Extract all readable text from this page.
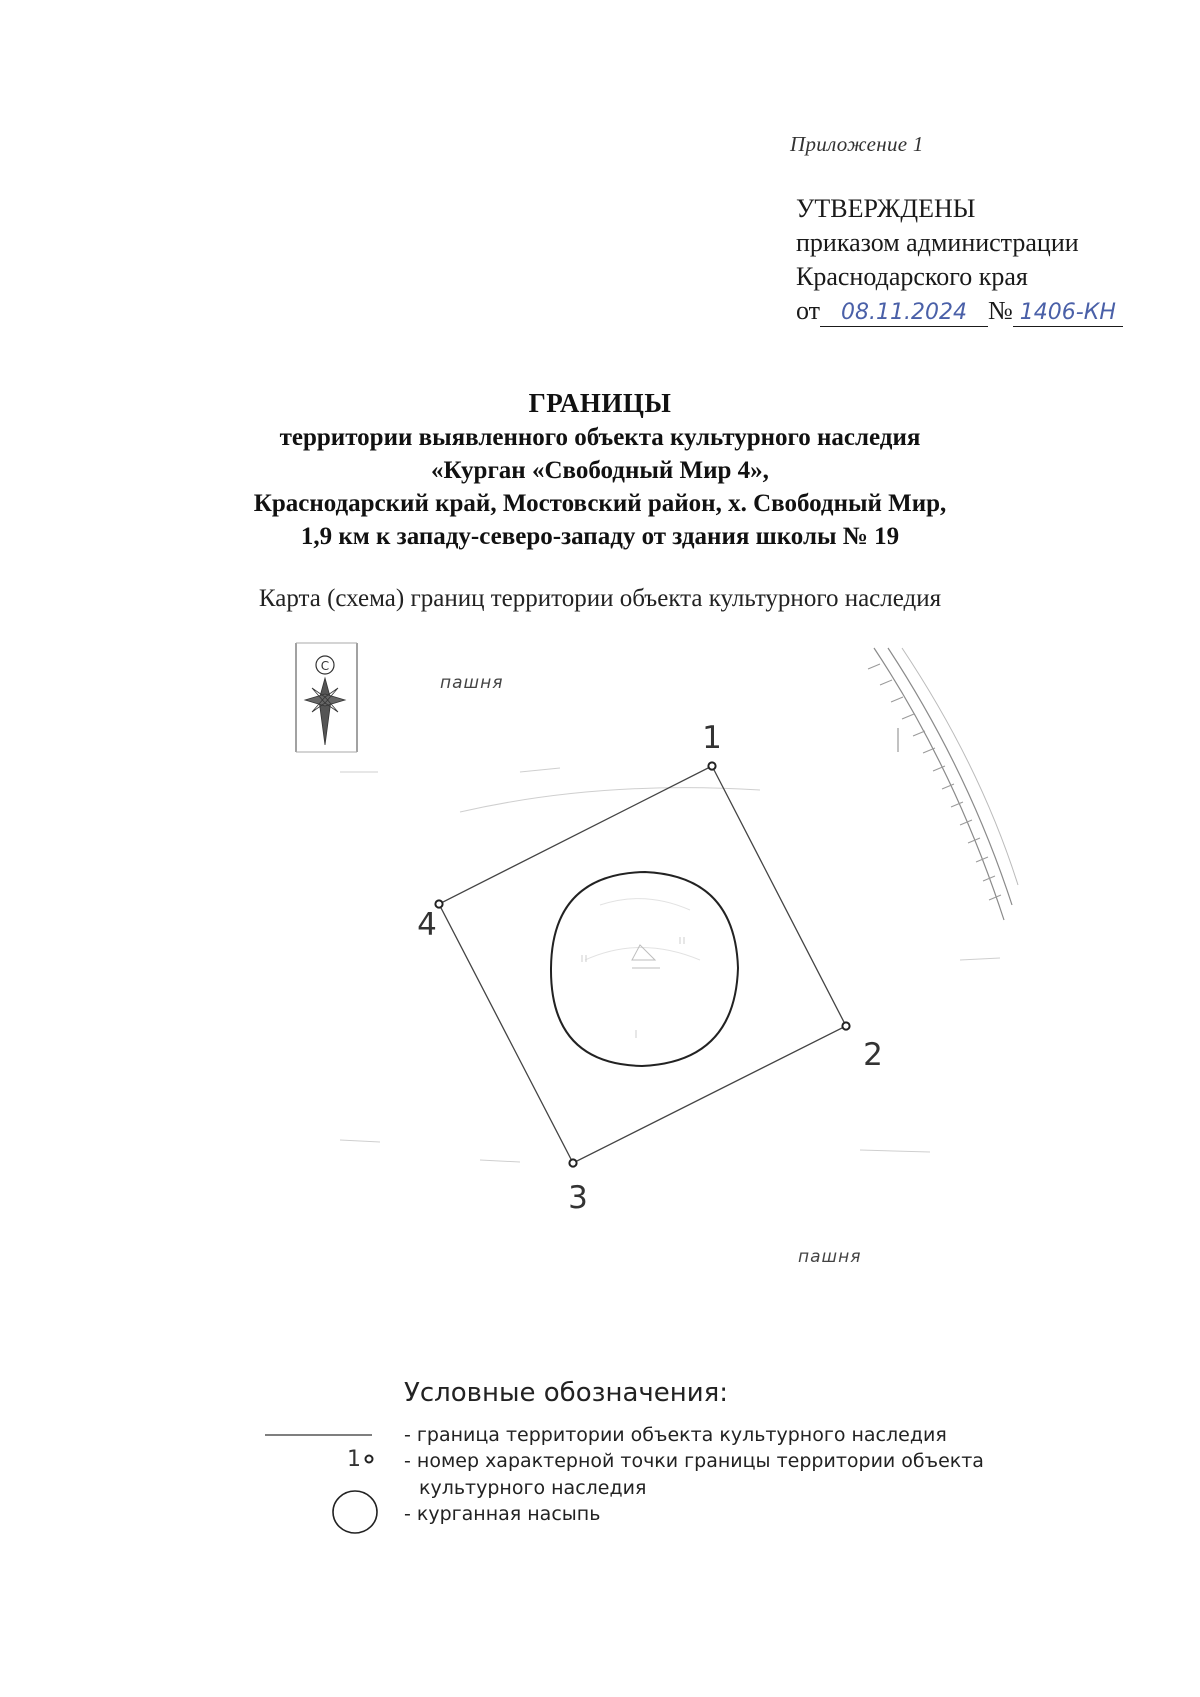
Приложение 1
УТВЕРЖДЕНЫ
приказом администрации
Краснодарского края
от 08.11.2024 № 1406-КН
ГРАНИЦЫ
территории выявленного объекта культурного наследия
«Курган «Свободный Мир 4»,
Краснодарский край, Мостовский район, х. Свободный Мир,
1,9 км к западу-северо-западу от здания школы № 19
Карта (схема) границ территории объекта культурного наследия
С
1
2
3
4
пашня
пашня
1
Условные обозначения:
- граница территории объекта культурного наследия
- номер характерной точки границы территории объекта
культурного наследия
- курганная насыпь
